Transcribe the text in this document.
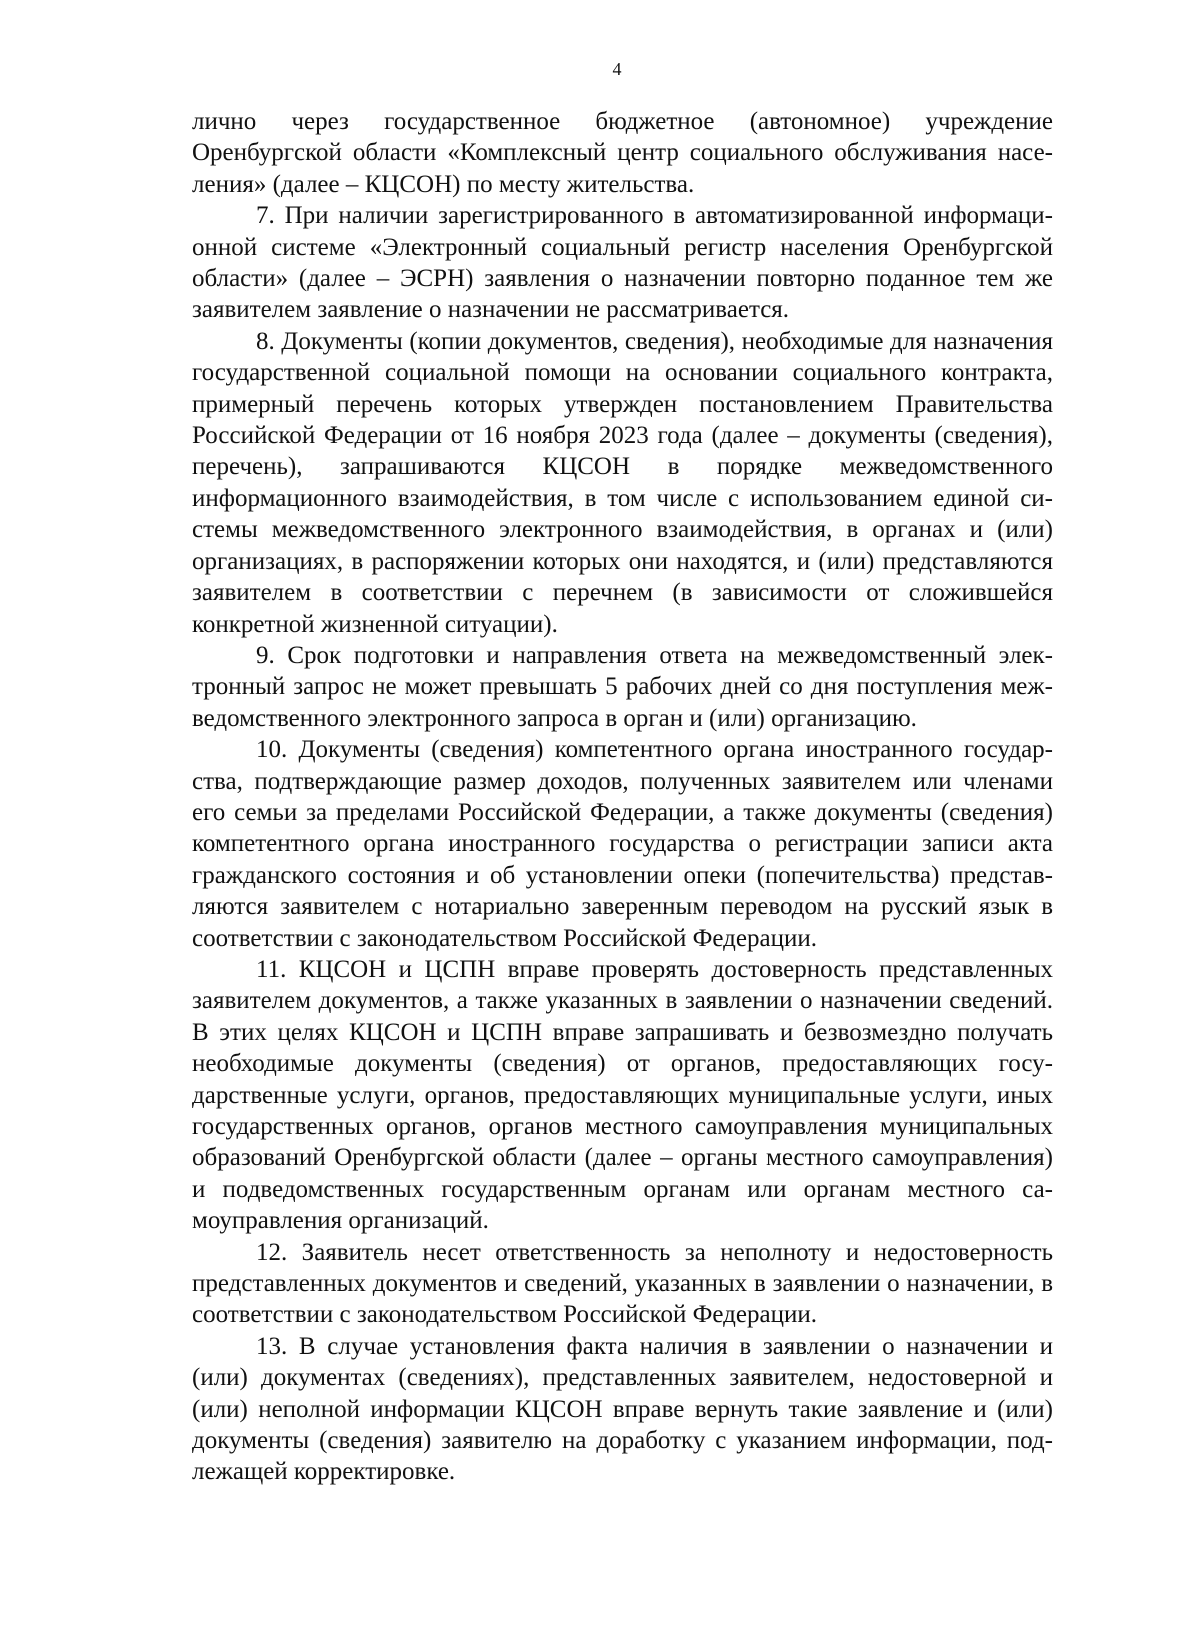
4

лично через государственное бюджетное (автономное) учреждение Оренбургской области «Комплексный центр социального обслуживания населения» (далее – КЦСОН) по месту жительства.

7. При наличии зарегистрированного в автоматизированной информационной системе «Электронный социальный регистр населения Оренбургской области» (далее – ЭСРН) заявления о назначении повторно поданное тем же заявителем заявление о назначении не рассматривается.

8. Документы (копии документов, сведения), необходимые для назначения государственной социальной помощи на основании социального контракта, примерный перечень которых утвержден постановлением Правительства Российской Федерации от 16 ноября 2023 года (далее – документы (сведения), перечень), запрашиваются КЦСОН в порядке межведомственного информационного взаимодействия, в том числе с использованием единой системы межведомственного электронного взаимодействия, в органах и (или) организациях, в распоряжении которых они находятся, и (или) представляются заявителем в соответствии с перечнем (в зависимости от сложившейся конкретной жизненной ситуации).

9. Срок подготовки и направления ответа на межведомственный электронный запрос не может превышать 5 рабочих дней со дня поступления межведомственного электронного запроса в орган и (или) организацию.

10. Документы (сведения) компетентного органа иностранного государства, подтверждающие размер доходов, полученных заявителем или членами его семьи за пределами Российской Федерации, а также документы (сведения) компетентного органа иностранного государства о регистрации записи акта гражданского состояния и об установлении опеки (попечительства) представляются заявителем с нотариально заверенным переводом на русский язык в соответствии с законодательством Российской Федерации.

11. КЦСОН и ЦСПН вправе проверять достоверность представленных заявителем документов, а также указанных в заявлении о назначении сведений. В этих целях КЦСОН и ЦСПН вправе запрашивать и безвозмездно получать необходимые документы (сведения) от органов, предоставляющих государственные услуги, органов, предоставляющих муниципальные услуги, иных государственных органов, органов местного самоуправления муниципальных образований Оренбургской области (далее – органы местного самоуправления) и подведомственных государственным органам или органам местного самоуправления организаций.

12. Заявитель несет ответственность за неполноту и недостоверность представленных документов и сведений, указанных в заявлении о назначении, в соответствии с законодательством Российской Федерации.

13. В случае установления факта наличия в заявлении о назначении и (или) документах (сведениях), представленных заявителем, недостоверной и (или) неполной информации КЦСОН вправе вернуть такие заявление и (или) документы (сведения) заявителю на доработку с указанием информации, подлежащей корректировке.
